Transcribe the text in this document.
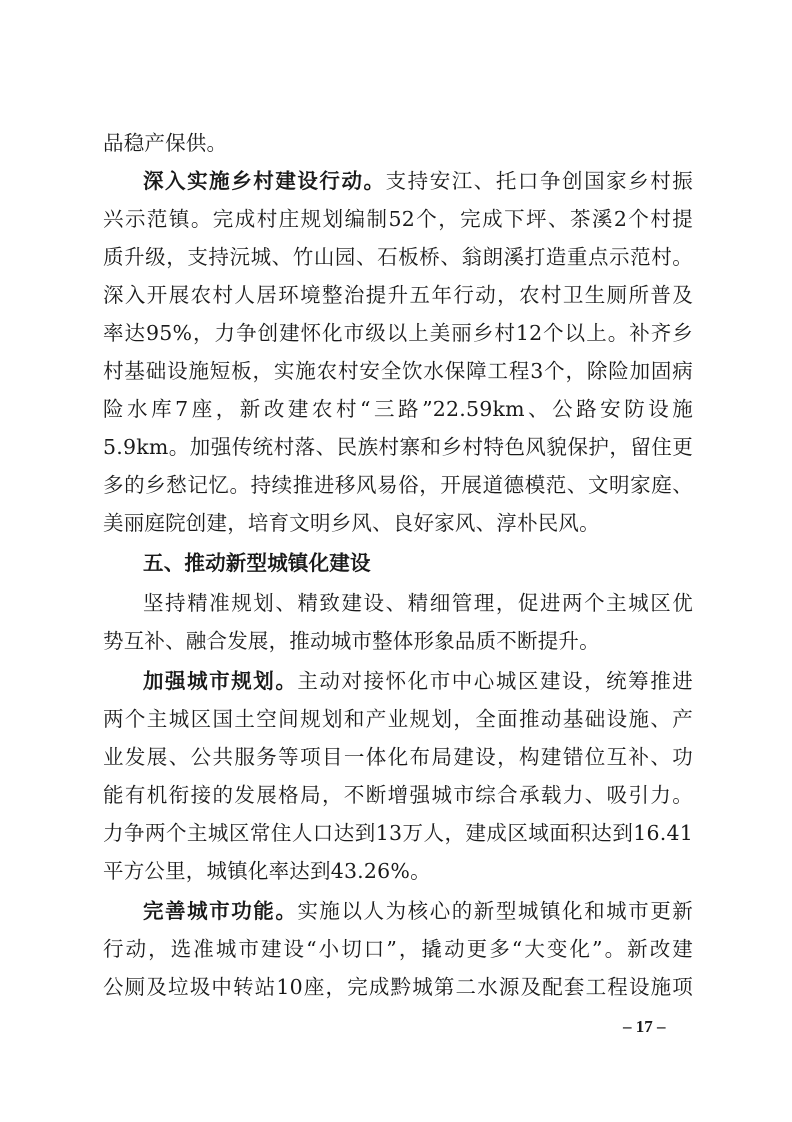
品稳产保供。
深入实施乡村建设行动。支持安江、托口争创国家乡村振
兴示范镇。完成村庄规划编制52个，完成下坪、茶溪2个村提
质升级，支持沅城、竹山园、石板桥、翁朗溪打造重点示范村。
深入开展农村人居环境整治提升五年行动，农村卫生厕所普及
率达95%，力争创建怀化市级以上美丽乡村12个以上。补齐乡
村基础设施短板，实施农村安全饮水保障工程3个，除险加固病
险水库7座，新改建农村“三路”22.59km、公路安防设施
5.9km。加强传统村落、民族村寨和乡村特色风貌保护，留住更
多的乡愁记忆。持续推进移风易俗，开展道德模范、文明家庭、
美丽庭院创建，培育文明乡风、良好家风、淳朴民风。
五、推动新型城镇化建设
坚持精准规划、精致建设、精细管理，促进两个主城区优
势互补、融合发展，推动城市整体形象品质不断提升。
加强城市规划。主动对接怀化市中心城区建设，统筹推进
两个主城区国土空间规划和产业规划，全面推动基础设施、产
业发展、公共服务等项目一体化布局建设，构建错位互补、功
能有机衔接的发展格局，不断增强城市综合承载力、吸引力。
力争两个主城区常住人口达到13万人，建成区域面积达到16.41
平方公里，城镇化率达到43.26%。
完善城市功能。实施以人为核心的新型城镇化和城市更新
行动，选准城市建设“小切口”，撬动更多“大变化”。新改建
公厕及垃圾中转站10座，完成黔城第二水源及配套工程设施项
– 17 –
